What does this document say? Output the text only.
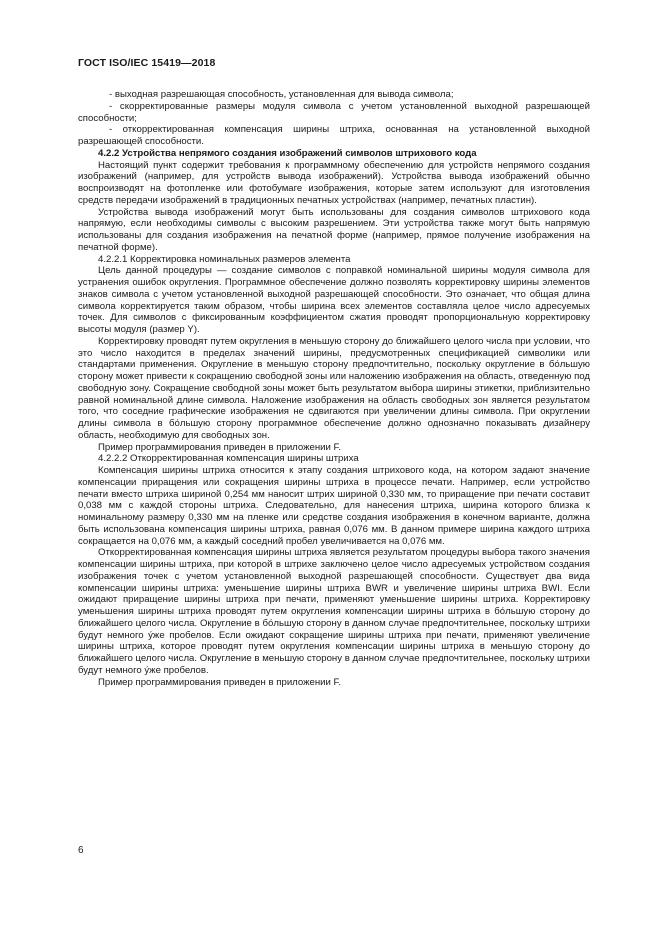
ГОСТ ISO/IEC 15419—2018

- выходная разрешающая способность, установленная для вывода символа;

- скорректированные размеры модуля символа с учетом установленной выходной разрешающей способности;

- откорректированная компенсация ширины штриха, основанная на установленной выходной разрешающей способности.

4.2.2 Устройства непрямого создания изображений символов штрихового кода

Настоящий пункт содержит требования к программному обеспечению для устройств непрямого создания изображений (например, для устройств вывода изображений). Устройства вывода изображений обычно воспроизводят на фотопленке или фотобумаге изображения, которые затем используют для изготовления средств передачи изображений в традиционных печатных устройствах (например, печатных пластин).

Устройства вывода изображений могут быть использованы для создания символов штрихового кода напрямую, если необходимы символы с высоким разрешением. Эти устройства также могут быть напрямую использованы для создания изображения на печатной форме (например, прямое получение изображения на печатной форме).

4.2.2.1 Корректировка номинальных размеров элемента

Цель данной процедуры — создание символов с поправкой номинальной ширины модуля символа для устранения ошибок округления. Программное обеспечение должно позволять корректировку ширины элементов знаков символа с учетом установленной выходной разрешающей способности. Это означает, что общая длина символа корректируется таким образом, чтобы ширина всех элементов составляла целое число адресуемых точек. Для символов с фиксированным коэффициентом сжатия проводят пропорциональную корректировку высоты модуля (размер Y).

Корректировку проводят путем округления в меньшую сторону до ближайшего целого числа при условии, что это число находится в пределах значений ширины, предусмотренных спецификацией символики или стандартами применения. Округление в меньшую сторону предпочтительно, поскольку округление в бо́льшую сторону может привести к сокращению свободной зоны или наложению изображения на область, отведенную под свободную зону. Сокращение свободной зоны может быть результатом выбора ширины этикетки, приблизительно равной номинальной длине символа. Наложение изображения на область свободных зон является результатом того, что соседние графические изображения не сдвигаются при увеличении длины символа. При округлении длины символа в бо́льшую сторону программное обеспечение должно однозначно показывать дизайнеру область, необходимую для свободных зон.

Пример программирования приведен в приложении F.

4.2.2.2 Откорректированная компенсация ширины штриха

Компенсация ширины штриха относится к этапу создания штрихового кода, на котором задают значение компенсации приращения или сокращения ширины штриха в процессе печати. Например, если устройство печати вместо штриха шириной 0,254 мм наносит штрих шириной 0,330 мм, то приращение при печати составит 0,038 мм с каждой стороны штриха. Следовательно, для нанесения штриха, ширина которого близка к номинальному размеру 0,330 мм на пленке или средстве создания изображения в конечном варианте, должна быть использована компенсация ширины штриха, равная 0,076 мм. В данном примере ширина каждого штриха сокращается на 0,076 мм, а каждый соседний пробел увеличивается на 0,076 мм.

Откорректированная компенсация ширины штриха является результатом процедуры выбора такого значения компенсации ширины штриха, при которой в штрихе заключено целое число адресуемых устройством создания изображения точек с учетом установленной выходной разрешающей способности. Существует два вида компенсации ширины штриха: уменьшение ширины штриха BWR и увеличение ширины штриха BWI. Если ожидают приращение ширины штриха при печати, применяют уменьшение ширины штриха. Корректировку уменьшения ширины штриха проводят путем округления компенсации ширины штриха в бо́льшую сторону до ближайшего целого числа. Округление в бо́льшую сторону в данном случае предпочтительнее, поскольку штрихи будут немного у́же пробелов. Если ожидают сокращение ширины штриха при печати, применяют увеличение ширины штриха, которое проводят путем округления компенсации ширины штриха в меньшую сторону до ближайшего целого числа. Округление в меньшую сторону в данном случае предпочтительнее, поскольку штрихи будут немного у́же пробелов.

Пример программирования приведен в приложении F.

6
